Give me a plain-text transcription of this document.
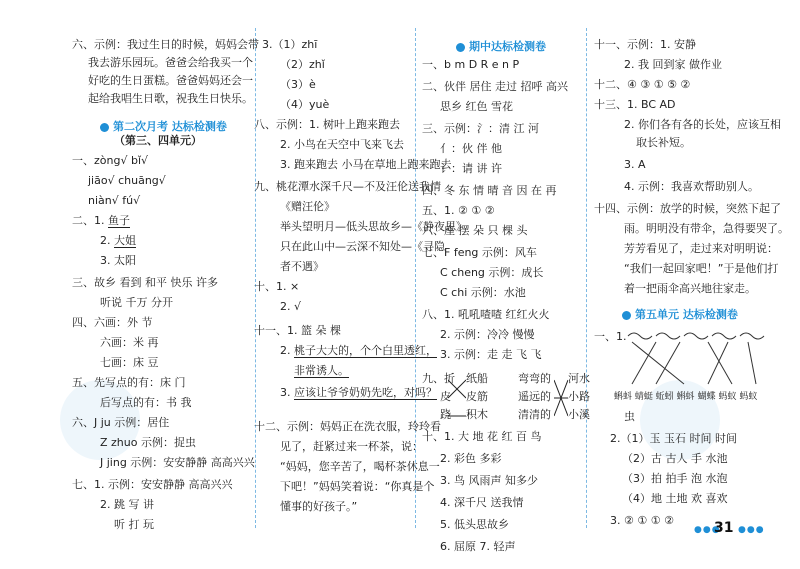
六、示例：我过生日的时候，妈妈会带
我去游乐园玩。爸爸会给我买一个
好吃的生日蛋糕。爸爸妈妈还会一
起给我唱生日歌，祝我生日快乐。
第二次月考 达标检测卷
（第三、四单元）
一、zòng√ bǐ√
jiāo√ chuāng√
niàn√ fú√
二、1. 鱼子
2. 大姐
3. 太阳
三、故乡 看到 和平 快乐 许多
听说 千万 分开
四、六画：外 节
六画：米 再
七画：床 豆
五、先写点的有：床 门
后写点的有：书 我
六、J ju 示例：居住
Z zhuo 示例：捉虫
J jing 示例：安安静静 高高兴兴
七、1. 示例：安安静静 高高兴兴
2. 跳 写 讲
听 打 玩
3.（1）zhī
（2）zhǐ
（3）è
（4）yuè
八、示例：1. 树叶上跑来跑去
2. 小鸟在天空中飞来飞去
3. 跑来跑去 小马在草地上跑来跑去
九、桃花潭水深千尺—不及汪伦送我情
《赠汪伦》
举头望明月—低头思故乡—《静夜思》
只在此山中—云深不知处—《寻隐
者不遇》
十、1. ×
2. √
十一、1. 篮 朵 棵
2. 桃子大大的，个个白里透红，
非常诱人。
3. 应该让爷爷奶奶先吃，对吗？
十二、示例：妈妈正在洗衣服，玲玲看
见了，赶紧过来一杯茶，说：
“妈妈，您辛苦了，喝杯茶休息一
下吧！”妈妈笑着说：“你真是个
懂事的好孩子。”
期中达标检测卷
一、b m D R e n P
二、伙伴 居住 走过 招呼 高兴
思乡 红色 雪花
三、示例：氵：清 江 河
亻：伙 伴 他
讠：请 讲 许
四、冬 东 情 晴 音 因 在 再
五、1. ② ① ②
六、座 摆 朵 只 棵 头
七、F feng 示例：风车
C cheng 示例：成长
C chi 示例：水池
八、1. 吼吼喳喳 红红火火
2. 示例：冷冷 慢慢
3. 示例：走 走 飞 飞
九、折
皮
跷
纸船
皮筋
积木
弯弯的
遥远的
清清的
河水
小路
小溪
十、1. 大 地 花 红 百 鸟
2. 彩色 多彩
3. 鸟 风雨声 知多少
4. 深千尺 送我情
5. 低头思故乡
6. 屈原 7. 轻声
十一、示例：1. 安静
2. 我 回到家 做作业
十二、④ ③ ① ⑤ ②
十三、1. BC AD
2. 你们各有各的长处，应该互相
取长补短。
3. A
4. 示例：我喜欢帮助别人。
十四、示例：放学的时候，突然下起了
雨。明明没有带伞，急得要哭了。
芳芳看见了，走过来对明明说：
“我们一起回家吧！”于是他们打
着一把雨伞高兴地往家走。
第五单元 达标检测卷
一、1.
蝌蚪 蜻蜓 蚯蚓 蝌蚪 蝴蝶 蚂蚁 蚂蚁
虫
2.（1）玉 玉石 时间 时间
（2）古 古人 手 水池
（3）拍 拍手 泡 水泡
（4）地 土地 欢 喜欢
3. ② ① ① ②
●●●
31 ●●●
